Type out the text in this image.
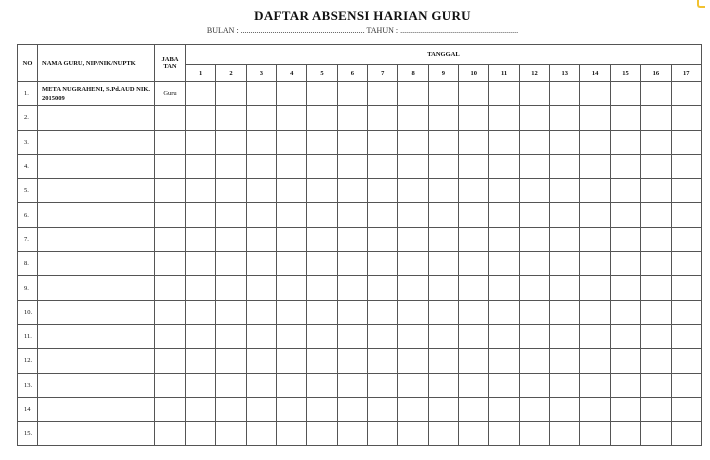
DAFTAR ABSENSI HARIAN GURU
BULAN : .............................................................. TAHUN : ...........................................................
NO	NAMA GURU, NIP/NIK/NUPTK	JABA TAN	TANGGAL																
			1	2	3	4	5	6	7	8	9	10	11	12	13	14	15	16	17
1.	META NUGRAHENI, S.Pd.AUD NIK. 2015009	Guru																	
2.																			
3.																			
4.																			
5.																			
6.																			
7.																			
8.																			
9.																			
10.																			
11.																			
12.																			
13.																			
14																			
15.																			
